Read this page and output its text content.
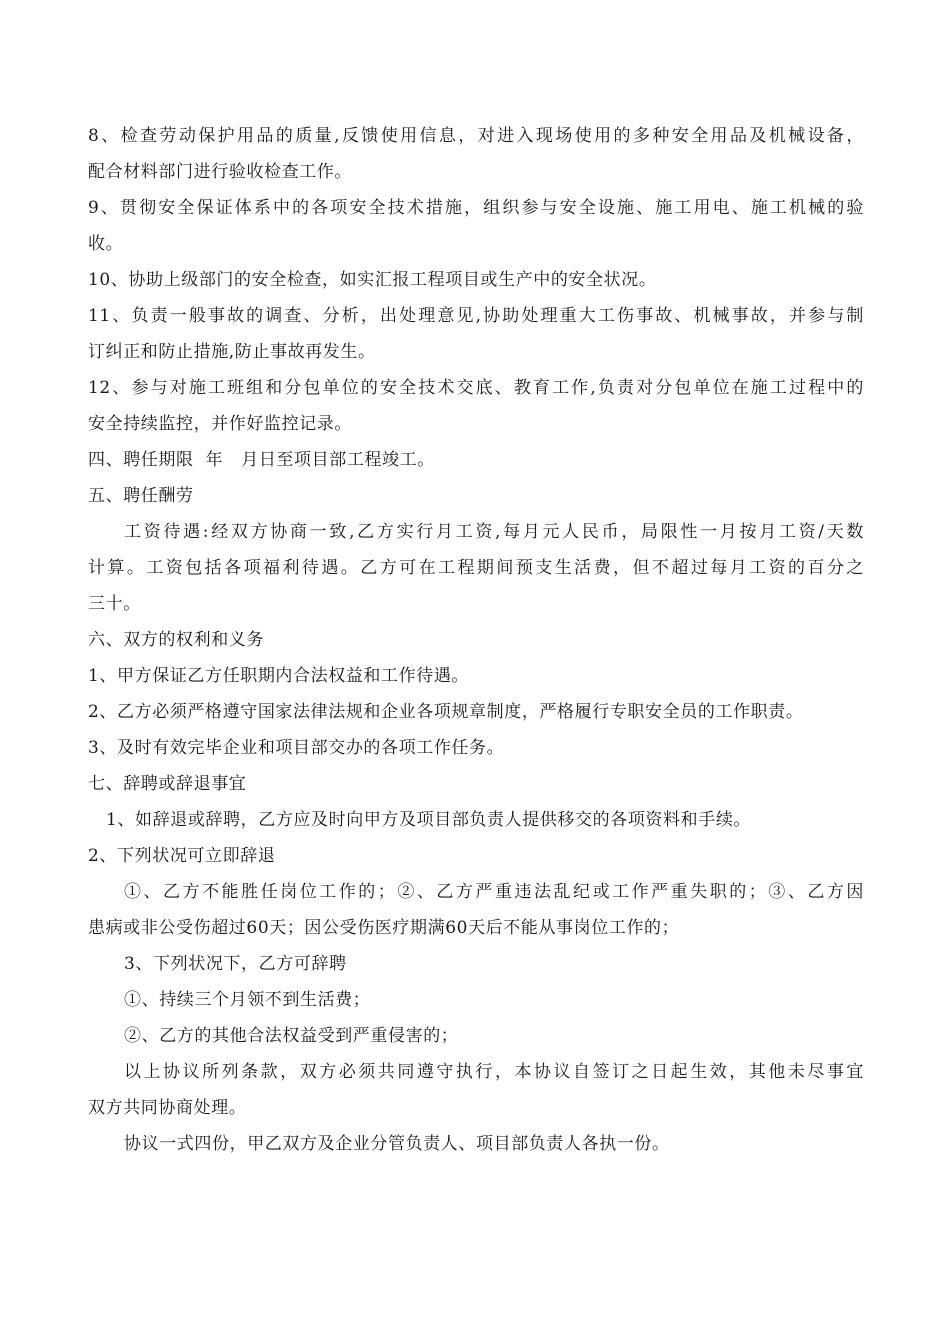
8、检查劳动保护用品的质量,反馈使用信息，对进入现场使用的多种安全用品及机械设备，
配合材料部门进行验收检查工作。
9、贯彻安全保证体系中的各项安全技术措施，组织参与安全设施、施工用电、施工机械的验
收。
10、协助上级部门的安全检查，如实汇报工程项目或生产中的安全状况。
11、负责一般事故的调查、分析，出处理意见,协助处理重大工伤事故、机械事故，并参与制
订纠正和防止措施,防止事故再发生。
12、参与对施工班组和分包单位的安全技术交底、教育工作,负责对分包单位在施工过程中的
安全持续监控，并作好监控记录。
四、聘任期限  年   月日至项目部工程竣工。
五、聘任酬劳
工资待遇:经双方协商一致,乙方实行月工资,每月元人民币，局限性一月按月工资/天数
计算。工资包括各项福利待遇。乙方可在工程期间预支生活费，但不超过每月工资的百分之
三十。
六、双方的权利和义务
1、甲方保证乙方任职期内合法权益和工作待遇。
2、乙方必须严格遵守国家法律法规和企业各项规章制度，严格履行专职安全员的工作职责。
3、及时有效完毕企业和项目部交办的各项工作任务。
七、辞聘或辞退事宜
1、如辞退或辞聘，乙方应及时向甲方及项目部负责人提供移交的各项资料和手续。
2、下列状况可立即辞退
①、乙方不能胜任岗位工作的；②、乙方严重违法乱纪或工作严重失职的；③、乙方因
患病或非公受伤超过60天；因公受伤医疗期满60天后不能从事岗位工作的；
3、下列状况下，乙方可辞聘
①、持续三个月领不到生活费；
②、乙方的其他合法权益受到严重侵害的；
以上协议所列条款，双方必须共同遵守执行，本协议自签订之日起生效，其他未尽事宜
双方共同协商处理。
协议一式四份，甲乙双方及企业分管负责人、项目部负责人各执一份。
